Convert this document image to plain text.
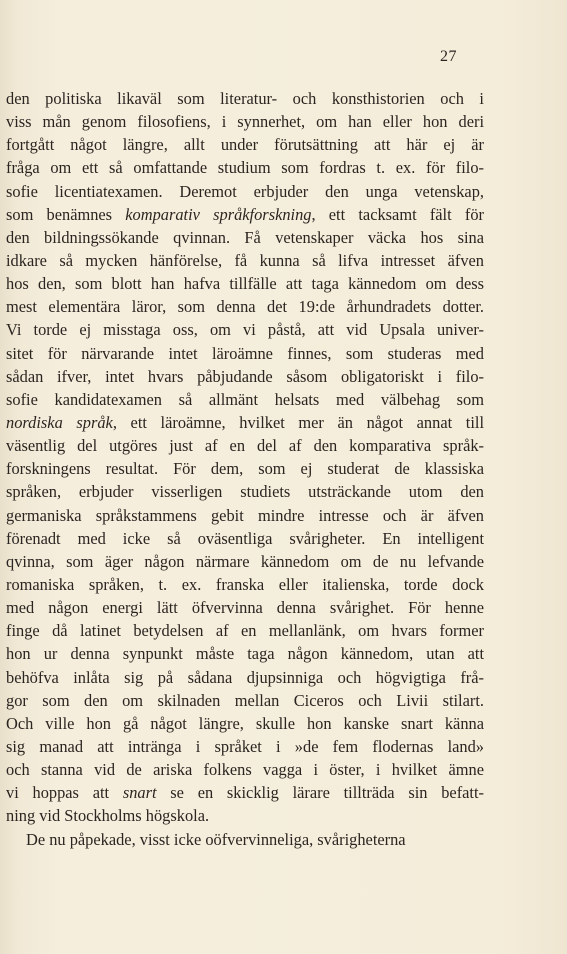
27
den politiska likaväl som literatur- och konsthistorien och i
viss mån genom filosofiens, i synnerhet, om han eller hon deri
fortgått något längre, allt under förutsättning att här ej är
fråga om ett så omfattande studium som fordras t. ex. för filo-
sofie licentiatexamen. Deremot erbjuder den unga vetenskap,
som benämnes komparativ språkforskning, ett tacksamt fält för
den bildningssökande qvinnan. Få vetenskaper väcka hos sina
idkare så mycken hänförelse, få kunna så lifva intresset äfven
hos den, som blott han hafva tillfälle att taga kännedom om dess
mest elementära läror, som denna det 19:de århundradets dotter.
Vi torde ej misstaga oss, om vi påstå, att vid Upsala univer-
sitet för närvarande intet läroämne finnes, som studeras med
sådan ifver, intet hvars påbjudande såsom obligatoriskt i filo-
sofie kandidatexamen så allmänt helsats med välbehag som
nordiska språk, ett läroämne, hvilket mer än något annat till
väsentlig del utgöres just af en del af den komparativa språk-
forskningens resultat. För dem, som ej studerat de klassiska
språken, erbjuder visserligen studiets utsträckande utom den
germaniska språkstammens gebit mindre intresse och är äfven
förenadt med icke så oväsentliga svårigheter. En intelligent
qvinna, som äger någon närmare kännedom om de nu lefvande
romaniska språken, t. ex. franska eller italienska, torde dock
med någon energi lätt öfvervinna denna svårighet. För henne
finge då latinet betydelsen af en mellanlänk, om hvars former
hon ur denna synpunkt måste taga någon kännedom, utan att
behöfva inlåta sig på sådana djupsinniga och högvigtiga frå-
gor som den om skilnaden mellan Ciceros och Livii stilart.
Och ville hon gå något längre, skulle hon kanske snart känna
sig manad att intränga i språket i »de fem flodernas land»
och stanna vid de ariska folkens vagga i öster, i hvilket ämne
vi hoppas att snart se en skicklig lärare tillträda sin befatt-
ning vid Stockholms högskola.
De nu påpekade, visst icke oöfvervinneliga, svårigheterna
